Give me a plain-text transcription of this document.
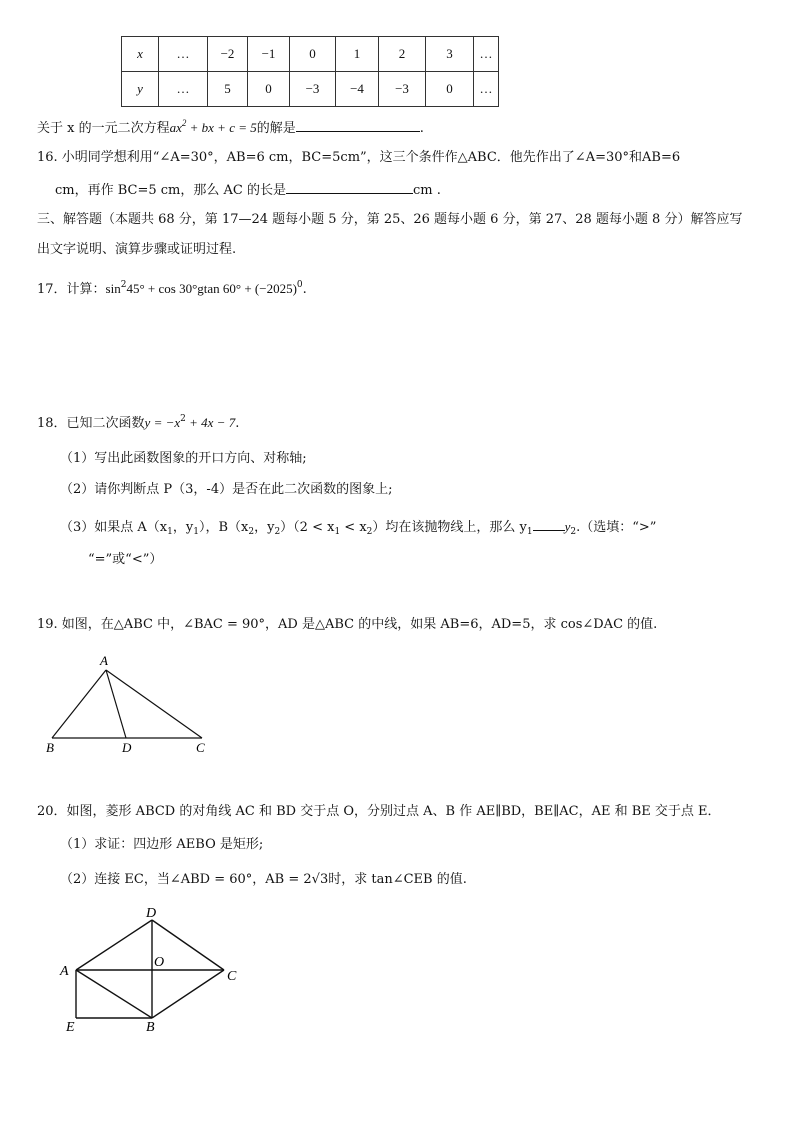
x	…	−2	−1	0	1	2	3	…
y	…	5	0	−3	−4	−3	0	…
关于 x 的一元二次方程$ax^2$ + bx + c = 5的解是	.
16. 小明同学想利用“∠A=30°，AB=6 cm，BC=5cm”，这三个条件作△ABC．他先作出了∠A=30°和AB=6
cm，再作 BC=5 cm，那么 AC 的长是	cm .
三、解答题（本题共 68 分，第 17—24 题每小题 5 分，第 25、26 题每小题 6 分，第 27、28 题每小题 8 分）解答应写
出文字说明、演算步骤或证明过程.
17．计算：$\sin^245^\circ + \cos 30^\circ gtan$ $60^\circ + (-2025)^0$.
18．已知二次函数$y = -x^2 + 4x - 7$.
（1）写出此函数图象的开口方向、对称轴;
（2）请你判断点 P（3，-4）是否在此二次函数的图象上;
（3）如果点 $A(x_1$，$y_1$），$B(x_2$，$y_2)(2 < x_1 < x_2)$均在该抛物线上，那么 $y_1$ $y_2$.（选填：“>”
“=”或“<”）
19. 如图，在△ABC 中，∠BAC = 90°，AD 是△ABC 的中线，如果 AB=6，AD=5，求 cos∠DAC 的值.
A
B	D	C
20．如图，菱形 ABCD 的对角线 AC 和 BD 交于点 O，分别过点 A、B 作 AE∥BD，BE∥AC，AE 和 BE 交于点 E．
（1）求证：四边形 AEBO 是矩形;
（2）连接 EC，当∠ABD = 60°，AB = 2√3时，求 tan∠CEB 的值.
D
A
O
C
E	B
